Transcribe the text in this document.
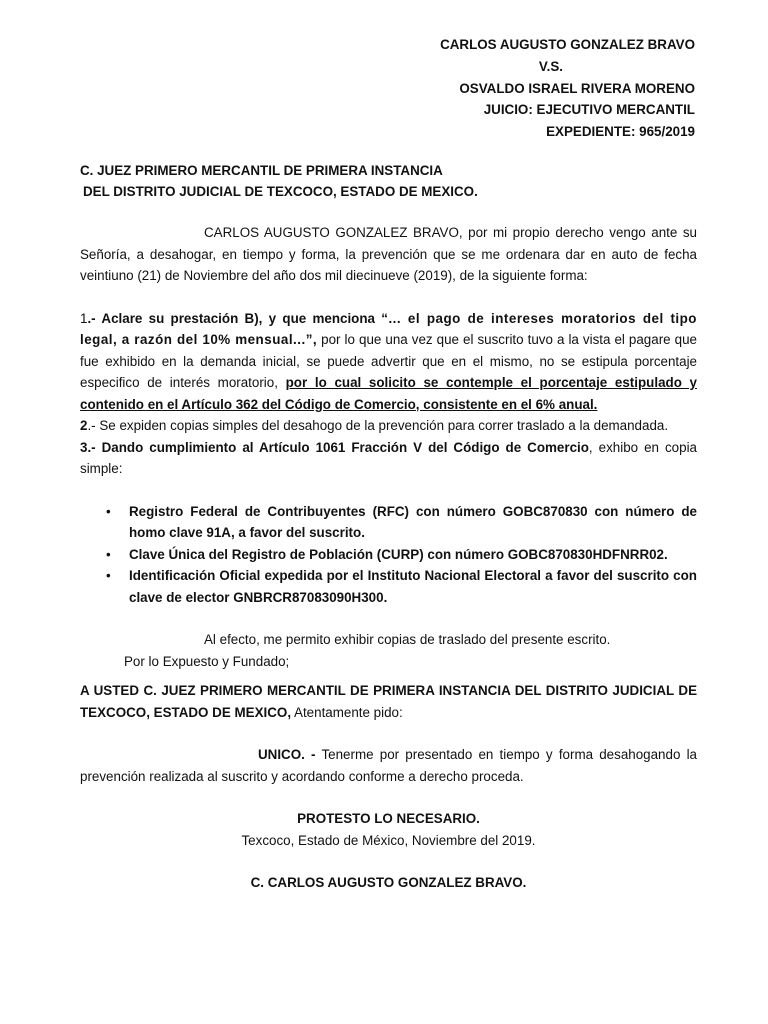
CARLOS AUGUSTO GONZALEZ BRAVO
V.S.
OSVALDO ISRAEL RIVERA MORENO
JUICIO: EJECUTIVO MERCANTIL
EXPEDIENTE: 965/2019
C. JUEZ PRIMERO MERCANTIL DE PRIMERA INSTANCIA
DEL DISTRITO JUDICIAL DE TEXCOCO, ESTADO DE MEXICO.

CARLOS AUGUSTO GONZALEZ BRAVO, por mi propio derecho vengo ante su Señoría, a desahogar, en tiempo y forma, la prevención que se me ordenara dar en auto de fecha veintiuno (21) de Noviembre del año dos mil diecinueve (2019), de la siguiente forma:

1.- Aclare su prestación B), y que menciona “... el pago de intereses moratorios del tipo legal, a razón del 10% mensual...”, por lo que una vez que el suscrito tuvo a la vista el pagare que fue exhibido en la demanda inicial, se puede advertir que en el mismo, no se estipula porcentaje especifico de interés moratorio, por lo cual solicito se contemple el porcentaje estipulado y contenido en el Artículo 362 del Código de Comercio, consistente en el 6% anual.

2.- Se expiden copias simples del desahogo de la prevención para correr traslado a la demandada.

3.- Dando cumplimiento al Artículo 1061 Fracción V del Código de Comercio, exhibo en copia simple:

• Registro Federal de Contribuyentes (RFC) con número GOBC870830 con número de homo clave 91A, a favor del suscrito.
• Clave Única del Registro de Población (CURP) con número GOBC870830HDFNRR02.
• Identificación Oficial expedida por el Instituto Nacional Electoral a favor del suscrito con clave de elector GNBRCR87083090H300.

Al efecto, me permito exhibir copias de traslado del presente escrito.

Por lo Expuesto y Fundado;

A USTED C. JUEZ PRIMERO MERCANTIL DE PRIMERA INSTANCIA DEL DISTRITO JUDICIAL DE TEXCOCO, ESTADO DE MEXICO, Atentamente pido:

UNICO. - Tenerme por presentado en tiempo y forma desahogando la prevención realizada al suscrito y acordando conforme a derecho proceda.

PROTESTO LO NECESARIO.

Texcoco, Estado de México, Noviembre del 2019.

C. CARLOS AUGUSTO GONZALEZ BRAVO.
